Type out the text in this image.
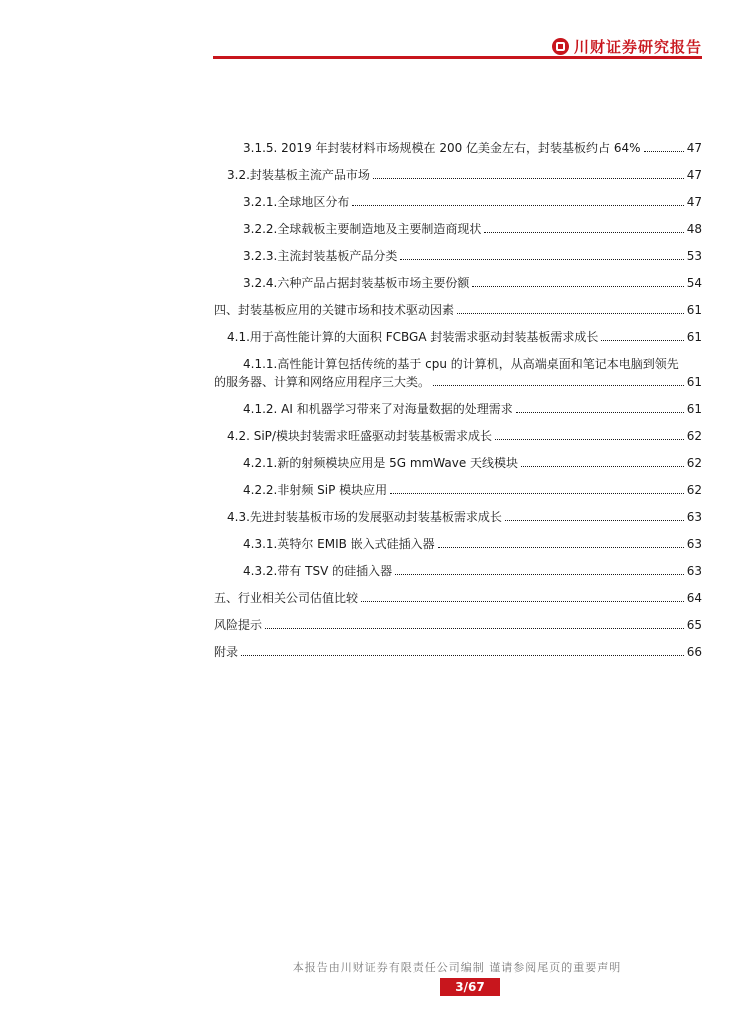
川财证券研究报告
3.1.5. 2019 年封装材料市场规模在 200 亿美金左右，封装基板约占 64%	47
3.2.封装基板主流产品市场	47
3.2.1.全球地区分布	47
3.2.2.全球载板主要制造地及主要制造商现状	48
3.2.3.主流封装基板产品分类	53
3.2.4.六种产品占据封装基板市场主要份额	54
四、封装基板应用的关键市场和技术驱动因素	61
4.1.用于高性能计算的大面积 FCBGA 封装需求驱动封装基板需求成长	61
4.1.1.高性能计算包括传统的基于 cpu 的计算机，从高端桌面和笔记本电脑到领先
的服务器、计算和网络应用程序三大类。	61
4.1.2. AI 和机器学习带来了对海量数据的处理需求	61
4.2. SiP/模块封装需求旺盛驱动封装基板需求成长	62
4.2.1.新的射频模块应用是 5G mmWave 天线模块	62
4.2.2.非射频 SiP 模块应用	62
4.3.先进封装基板市场的发展驱动封装基板需求成长	63
4.3.1.英特尔 EMIB 嵌入式硅插入器	63
4.3.2.带有 TSV 的硅插入器	63
五、行业相关公司估值比较	64
风险提示	65
附录	66
本报告由川财证券有限责任公司编制 谨请参阅尾页的重要声明
3/67
